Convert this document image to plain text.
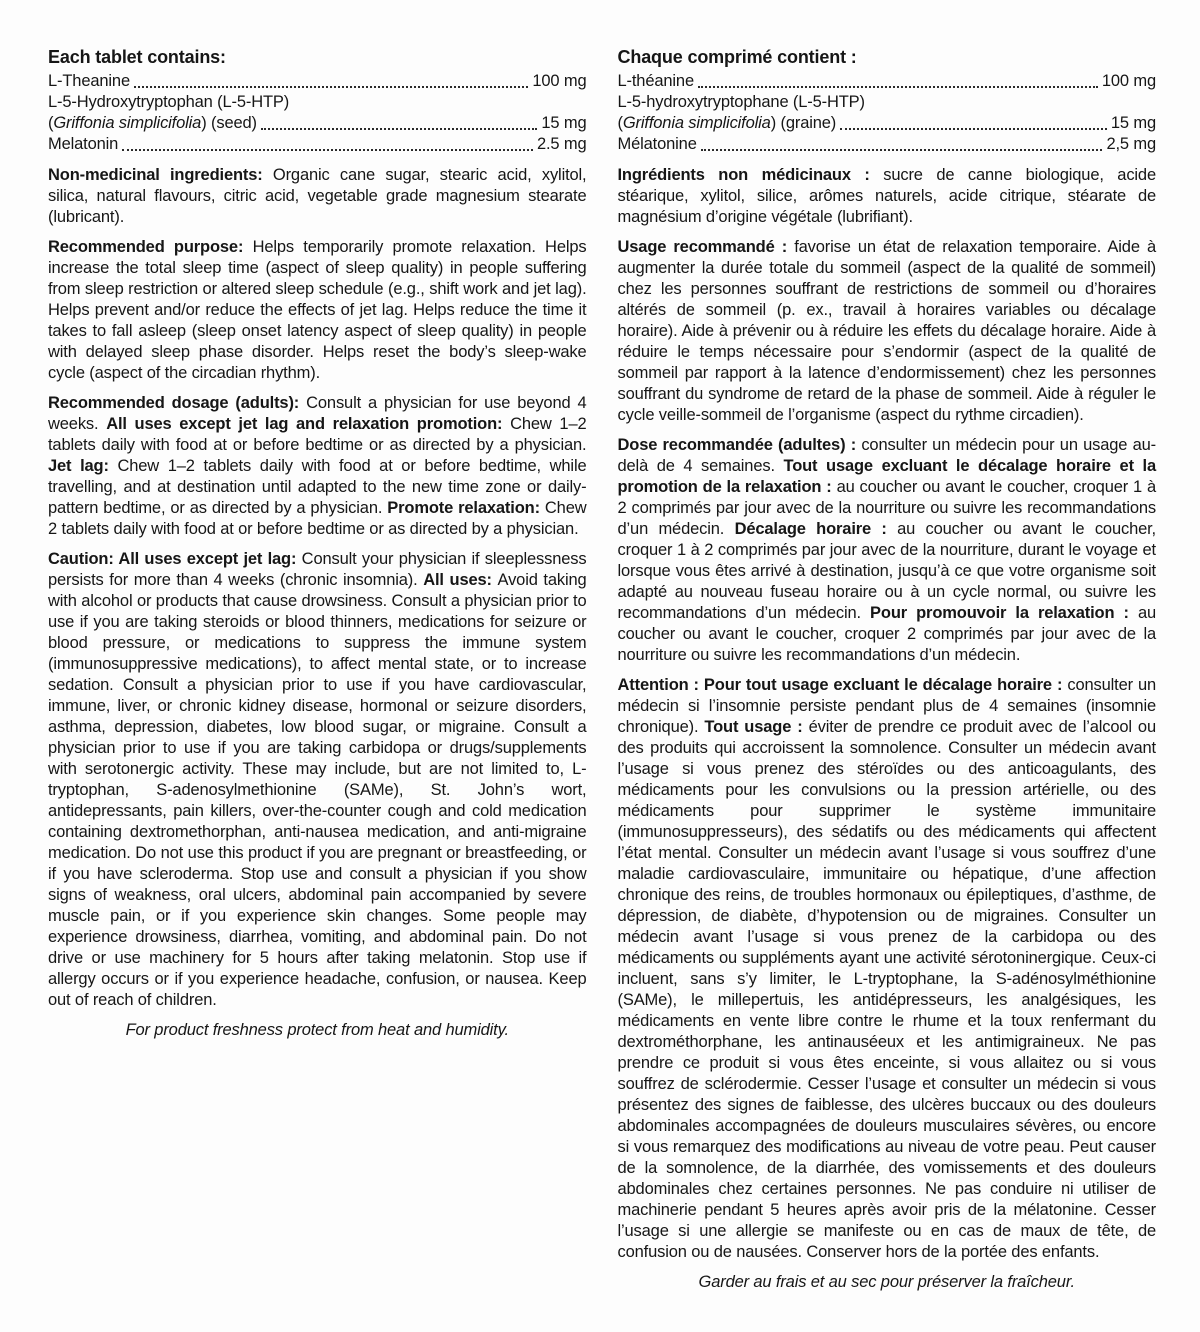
Each tablet contains:

L-Theanine	100 mg
L-5-Hydroxytryptophan (L-5-HTP)
(Griffonia simplicifolia) (seed)	15 mg
Melatonin	2.5 mg

Non-medicinal ingredients: Organic cane sugar, stearic acid, xylitol, silica, natural flavours, citric acid, vegetable grade magnesium stearate (lubricant).

Recommended purpose: Helps temporarily promote relaxation. Helps increase the total sleep time (aspect of sleep quality) in people suffering from sleep restriction or altered sleep schedule (e.g., shift work and jet lag). Helps prevent and/or reduce the effects of jet lag. Helps reduce the time it takes to fall asleep (sleep onset latency aspect of sleep quality) in people with delayed sleep phase disorder. Helps reset the body’s sleep-wake cycle (aspect of the circadian rhythm).

Recommended dosage (adults): Consult a physician for use beyond 4 weeks. All uses except jet lag and relaxation promotion: Chew 1–2 tablets daily with food at or before bedtime or as directed by a physician. Jet lag: Chew 1–2 tablets daily with food at or before bedtime, while travelling, and at destination until adapted to the new time zone or daily-pattern bedtime, or as directed by a physician. Promote relaxation: Chew 2 tablets daily with food at or before bedtime or as directed by a physician.

Caution: All uses except jet lag: Consult your physician if sleeplessness persists for more than 4 weeks (chronic insomnia). All uses: Avoid taking with alcohol or products that cause drowsiness. Consult a physician prior to use if you are taking steroids or blood thinners, medications for seizure or blood pressure, or medications to suppress the immune system (immunosuppressive medications), to affect mental state, or to increase sedation. Consult a physician prior to use if you have cardiovascular, immune, liver, or chronic kidney disease, hormonal or seizure disorders, asthma, depression, diabetes, low blood sugar, or migraine. Consult a physician prior to use if you are taking carbidopa or drugs/supplements with serotonergic activity. These may include, but are not limited to, L-tryptophan, S-adenosylmethionine (SAMe), St. John’s wort, antidepressants, pain killers, over-the-counter cough and cold medication containing dextromethorphan, anti-nausea medication, and anti-migraine medication. Do not use this product if you are pregnant or breastfeeding, or if you have scleroderma. Stop use and consult a physician if you show signs of weakness, oral ulcers, abdominal pain accompanied by severe muscle pain, or if you experience skin changes. Some people may experience drowsiness, diarrhea, vomiting, and abdominal pain. Do not drive or use machinery for 5 hours after taking melatonin. Stop use if allergy occurs or if you experience headache, confusion, or nausea. Keep out of reach of children.

For product freshness protect from heat and humidity.

Chaque comprimé contient :

L-théanine	100 mg
L-5-hydroxytryptophane (L-5-HTP)
(Griffonia simplicifolia) (graine)	15 mg
Mélatonine	2,5 mg

Ingrédients non médicinaux : sucre de canne biologique, acide stéarique, xylitol, silice, arômes naturels, acide citrique, stéarate de magnésium d’origine végétale (lubrifiant).

Usage recommandé : favorise un état de relaxation temporaire. Aide à augmenter la durée totale du sommeil (aspect de la qualité de sommeil) chez les personnes souffrant de restrictions de sommeil ou d’horaires altérés de sommeil (p. ex., travail à horaires variables ou décalage horaire). Aide à prévenir ou à réduire les effets du décalage horaire. Aide à réduire le temps nécessaire pour s’endormir (aspect de la qualité de sommeil par rapport à la latence d’endormissement) chez les personnes souffrant du syndrome de retard de la phase de sommeil. Aide à réguler le cycle veille-sommeil de l’organisme (aspect du rythme circadien).

Dose recommandée (adultes) : consulter un médecin pour un usage au-delà de 4 semaines. Tout usage excluant le décalage horaire et la promotion de la relaxation : au coucher ou avant le coucher, croquer 1 à 2 comprimés par jour avec de la nourriture ou suivre les recommandations d’un médecin. Décalage horaire : au coucher ou avant le coucher, croquer 1 à 2 comprimés par jour avec de la nourriture, durant le voyage et lorsque vous êtes arrivé à destination, jusqu’à ce que votre organisme soit adapté au nouveau fuseau horaire ou à un cycle normal, ou suivre les recommandations d’un médecin. Pour promouvoir la relaxation : au coucher ou avant le coucher, croquer 2 comprimés par jour avec de la nourriture ou suivre les recommandations d’un médecin.

Attention : Pour tout usage excluant le décalage horaire : consulter un médecin si l’insomnie persiste pendant plus de 4 semaines (insomnie chronique). Tout usage : éviter de prendre ce produit avec de l’alcool ou des produits qui accroissent la somnolence. Consulter un médecin avant l’usage si vous prenez des stéroïdes ou des anticoagulants, des médicaments pour les convulsions ou la pression artérielle, ou des médicaments pour supprimer le système immunitaire (immunosuppresseurs), des sédatifs ou des médicaments qui affectent l’état mental. Consulter un médecin avant l’usage si vous souffrez d’une maladie cardiovasculaire, immunitaire ou hépatique, d’une affection chronique des reins, de troubles hormonaux ou épileptiques, d’asthme, de dépression, de diabète, d’hypotension ou de migraines. Consulter un médecin avant l’usage si vous prenez de la carbidopa ou des médicaments ou suppléments ayant une activité sérotoninergique. Ceux-ci incluent, sans s’y limiter, le L-tryptophane, la S-adénosylméthionine (SAMe), le millepertuis, les antidépresseurs, les analgésiques, les médicaments en vente libre contre le rhume et la toux renfermant du dextrométhorphane, les antinauséeux et les antimigraineux. Ne pas prendre ce produit si vous êtes enceinte, si vous allaitez ou si vous souffrez de sclérodermie. Cesser l’usage et consulter un médecin si vous présentez des signes de faiblesse, des ulcères buccaux ou des douleurs abdominales accompagnées de douleurs musculaires sévères, ou encore si vous remarquez des modifications au niveau de votre peau. Peut causer de la somnolence, de la diarrhée, des vomissements et des douleurs abdominales chez certaines personnes. Ne pas conduire ni utiliser de machinerie pendant 5 heures après avoir pris de la mélatonine. Cesser l’usage si une allergie se manifeste ou en cas de maux de tête, de confusion ou de nausées. Conserver hors de la portée des enfants.

Garder au frais et au sec pour préserver la fraîcheur.
